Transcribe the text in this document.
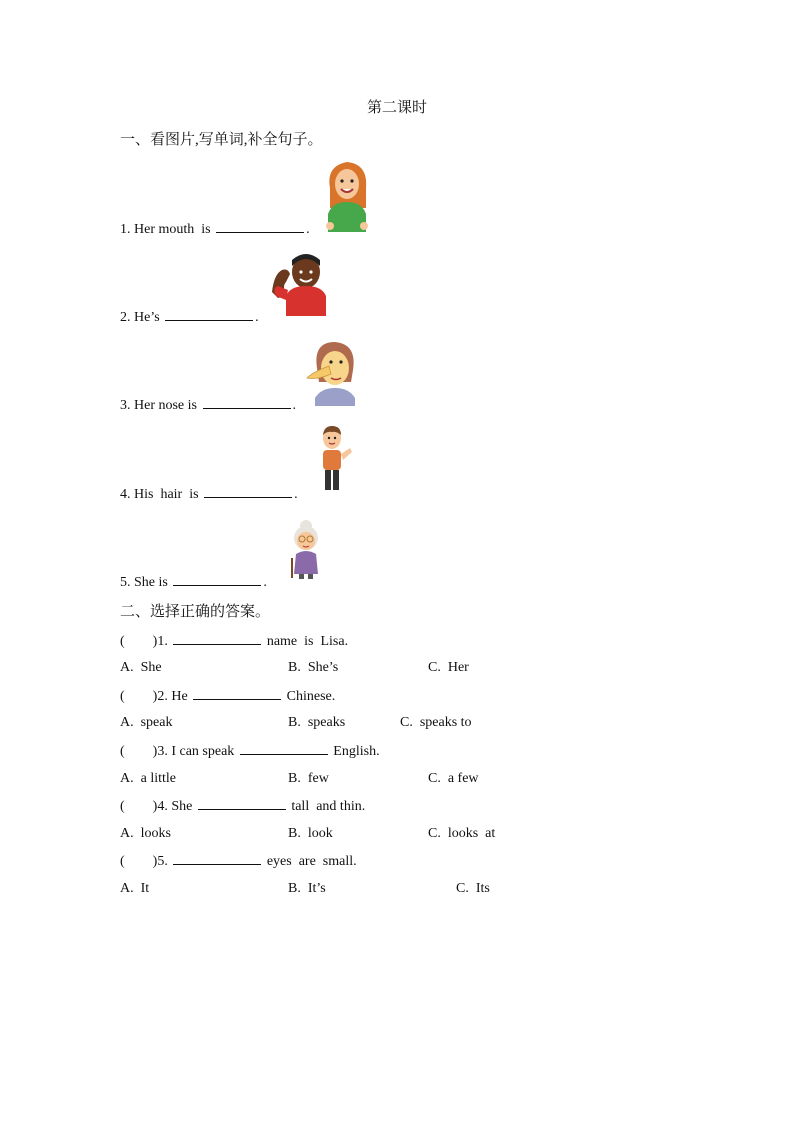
第二课时
一、看图片,写单词,补全句子。
1. Her mouth  is	.
2. He’s	.
3. Her nose is	.
4. His  hair  is	.
5. She is	.
二、选择正确的答案。
(        )1.	name  is  Lisa.
A.  She	B.  She’s	C.  Her
(        )2. He	Chinese.
A.  speak	B.  speaks	C.  speaks to
(        )3. I can speak	English.
A.  a little	B.  few	C.  a few
(        )4. She	tall  and thin.
A.  looks	B.  look	C.  looks  at
(        )5.	eyes  are  small.
A.  It	B.  It’s	C.  Its
